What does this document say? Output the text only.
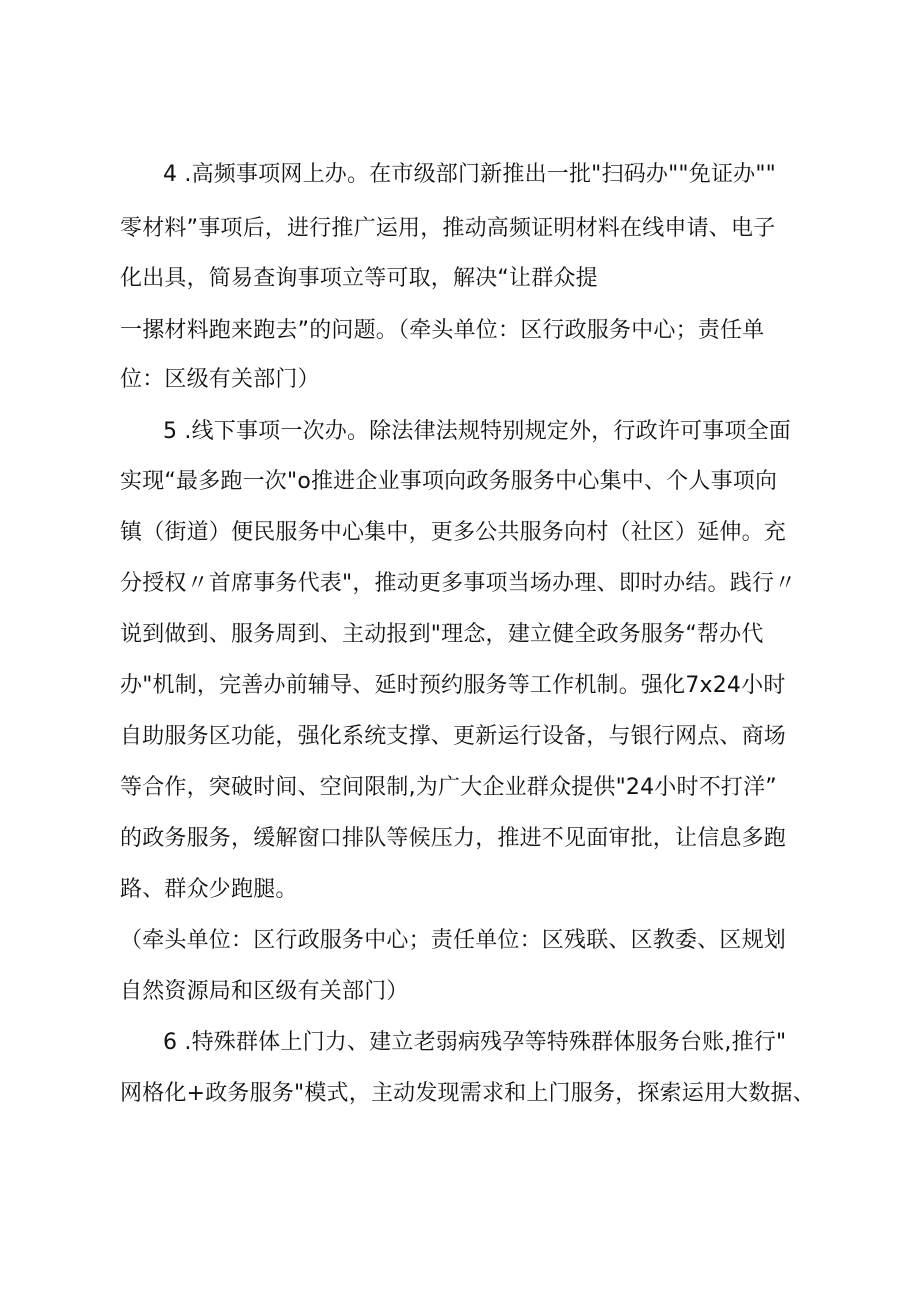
4 .高频事项网上办。在市级部门新推出一批"扫码办""免证办""
零材料”事项后，进行推广运用，推动高频证明材料在线申请、电子
化出具，简易查询事项立等可取，解决“让群众提
一摞材料跑来跑去”的问题。（牵头单位：区行政服务中心；责任单
位：区级有关部门）
5 .线下事项一次办。除法律法规特别规定外，行政许可事项全面
实现“最多跑一次"o推进企业事项向政务服务中心集中、个人事项向
镇（街道）便民服务中心集中，更多公共服务向村（社区）延伸。充
分授权〃首席事务代表"，推动更多事项当场办理、即时办结。践行〃
说到做到、服务周到、主动报到"理念，建立健全政务服务“帮办代
办"机制，完善办前辅导、延时预约服务等工作机制。强化7x24小时
自助服务区功能，强化系统支撑、更新运行设备，与银行网点、商场
等合作，突破时间、空间限制,为广大企业群众提供"24小时不打洋”
的政务服务，缓解窗口排队等候压力，推进不见面审批，让信息多跑
路、群众少跑腿。
（牵头单位：区行政服务中心；责任单位：区残联、区教委、区规划
自然资源局和区级有关部门）
6 .特殊群体上门力、建立老弱病残孕等特殊群体服务台账,推行"
网格化+政务服务"模式，主动发现需求和上门服务，探索运用大数据、
